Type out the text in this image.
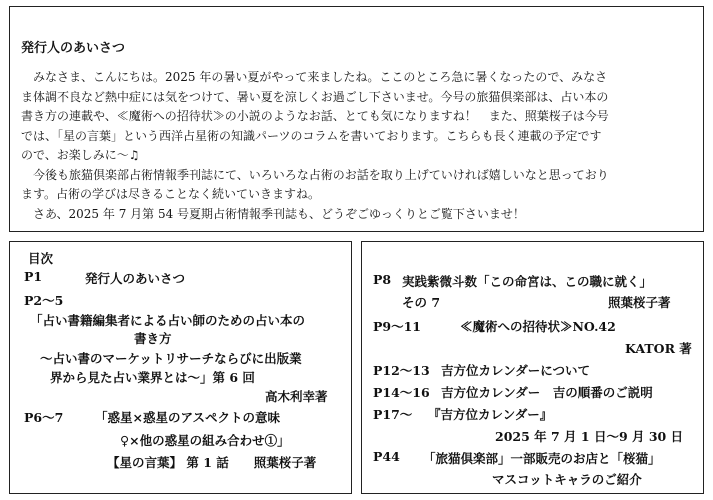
発行人のあいさつ

　みなさま、こんにちは。2025 年の暑い夏がやって来ましたね。ここのところ急に暑くなったので、みなさ

ま体調不良など熱中症には気をつけて、暑い夏を涼しくお過ごし下さいませ。今号の旅猫倶楽部は、占い本の

書き方の連載や、≪魔術への招待状≫の小説のようなお話、とても気になりますね！　また、照葉桜子は今号

では、「星の言葉」という西洋占星術の知識パーツのコラムを書いております。こちらも長く連載の予定です

ので、お楽しみに〜♫

　今後も旅猫倶楽部占術情報季刊誌にて、いろいろな占術のお話を取り上げていければ嬉しいなと思っており

ます。占術の学びは尽きることなく続いていきますね。

　さあ、2025 年 7 月第 54 号夏期占術情報季刊誌も、どうぞごゆっくりとご覧下さいませ！

目次
P1	発行人のあいさつ
P2〜5
「占い書籍編集者による占い師のための占い本の
書き方
〜占い書のマーケットリサーチならびに出版業
界から見た占い業界とは〜」第 6 回
高木利幸著
P6〜7	「惑星×惑星のアスペクトの意味
♀×他の惑星の組み合わせ①」
【星の言葉】 第 1 話　　照葉桜子著
P8 実践紫微斗数「この命宮は、この職に就く」
その 7	照葉桜子著
P9〜11	≪魔術への招待状≫NO.42
KATOR 著
P12〜13 吉方位カレンダーについて
P14〜16 吉方位カレンダー　吉の順番のご説明
P17〜 『吉方位カレンダー』
2025 年 7 月 1 日〜9 月 30 日
P44 「旅猫倶楽部」一部販売のお店と「桜猫」
マスコットキャラのご紹介
